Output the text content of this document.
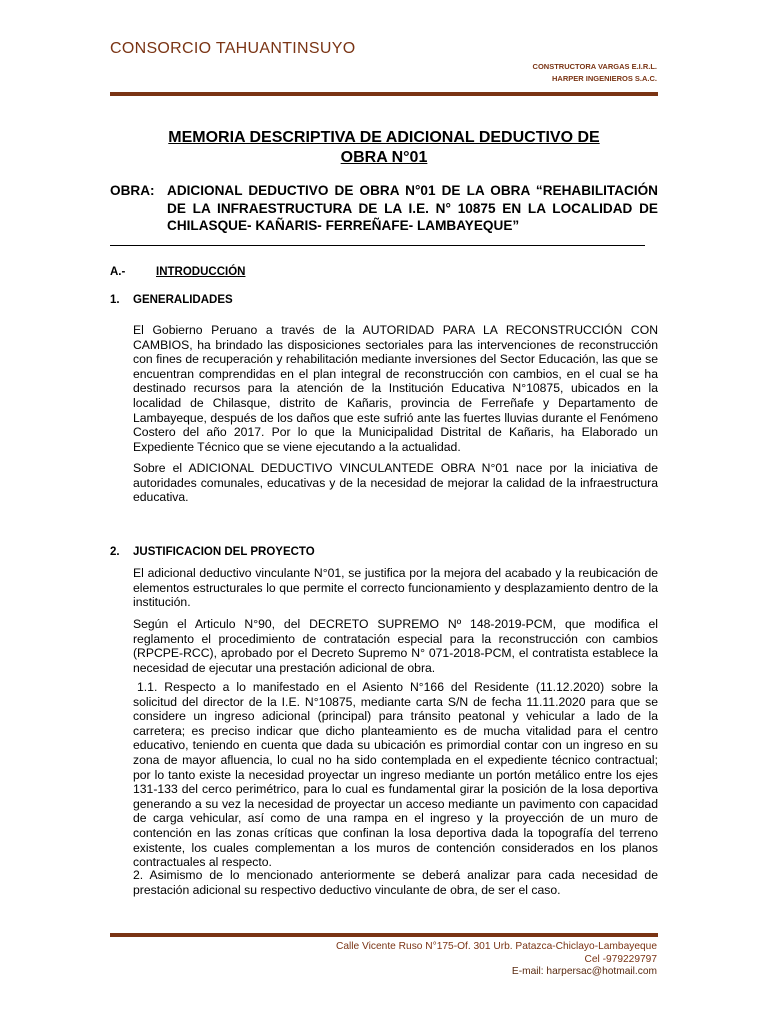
CONSORCIO TAHUANTINSUYO
CONSTRUCTORA VARGAS E.I.R.L.
HARPER INGENIEROS S.A.C.
MEMORIA DESCRIPTIVA DE ADICIONAL DEDUCTIVO DE
OBRA N°01
OBRA: ADICIONAL DEDUCTIVO DE OBRA N°01 DE LA OBRA “REHABILITACIÓN DE LA INFRAESTRUCTURA DE LA I.E. N° 10875 EN LA LOCALIDAD DE CHILASQUE- KAÑARIS- FERREÑAFE- LAMBAYEQUE”
A.-	INTRODUCCIÓN
1. GENERALIDADES
El Gobierno Peruano a través de la AUTORIDAD PARA LA RECONSTRUCCIÓN CON CAMBIOS, ha brindado las disposiciones sectoriales para las intervenciones de reconstrucción con fines de recuperación y rehabilitación mediante inversiones del Sector Educación, las que se encuentran comprendidas en el plan integral de reconstrucción con cambios, en el cual se ha destinado recursos para la atención de la Institución Educativa N°10875, ubicados en la localidad de Chilasque, distrito de Kañaris, provincia de Ferreñafe y Departamento de Lambayeque, después de los daños que este sufrió ante las fuertes lluvias durante el Fenómeno Costero del año 2017. Por lo que la Municipalidad Distrital de Kañaris, ha Elaborado un Expediente Técnico que se viene ejecutando a la actualidad.
Sobre el ADICIONAL DEDUCTIVO VINCULANTEDE OBRA N°01 nace por la iniciativa de autoridades comunales, educativas y de la necesidad de mejorar la calidad de la infraestructura educativa.
2. JUSTIFICACION DEL PROYECTO
El adicional deductivo vinculante N°01, se justifica por la mejora del acabado y la reubicación de elementos estructurales lo que permite el correcto funcionamiento y desplazamiento dentro de la institución.
Según el Articulo N°90, del DECRETO SUPREMO Nº 148-2019-PCM, que modifica el reglamento el procedimiento de contratación especial para la reconstrucción con cambios (RPCPE-RCC), aprobado por el Decreto Supremo N° 071-2018-PCM, el contratista establece la necesidad de ejecutar una prestación adicional de obra.
1.1. Respecto a lo manifestado en el Asiento N°166 del Residente (11.12.2020) sobre la solicitud del director de la I.E. N°10875, mediante carta S/N de fecha 11.11.2020 para que se considere un ingreso adicional (principal) para tránsito peatonal y vehicular a lado de la carretera; es preciso indicar que dicho planteamiento es de mucha vitalidad para el centro educativo, teniendo en cuenta que dada su ubicación es primordial contar con un ingreso en su zona de mayor afluencia, lo cual no ha sido contemplada en el expediente técnico contractual; por lo tanto existe la necesidad proyectar un ingreso mediante un portón metálico entre los ejes 131-133 del cerco perimétrico, para lo cual es fundamental girar la posición de la losa deportiva generando a su vez la necesidad de proyectar un acceso mediante un pavimento con capacidad de carga vehicular, así como de una rampa en el ingreso y la proyección de un muro de contención en las zonas críticas que confinan la losa deportiva dada la topografía del terreno existente, los cuales complementan a los muros de contención considerados en los planos contractuales al respecto.
2. Asimismo de lo mencionado anteriormente se deberá analizar para cada necesidad de prestación adicional su respectivo deductivo vinculante de obra, de ser el caso.
Calle Vicente Ruso N°175-Of. 301 Urb. Patazca-Chiclayo-Lambayeque
Cel -979229797
E-mail: harpersac@hotmail.com
